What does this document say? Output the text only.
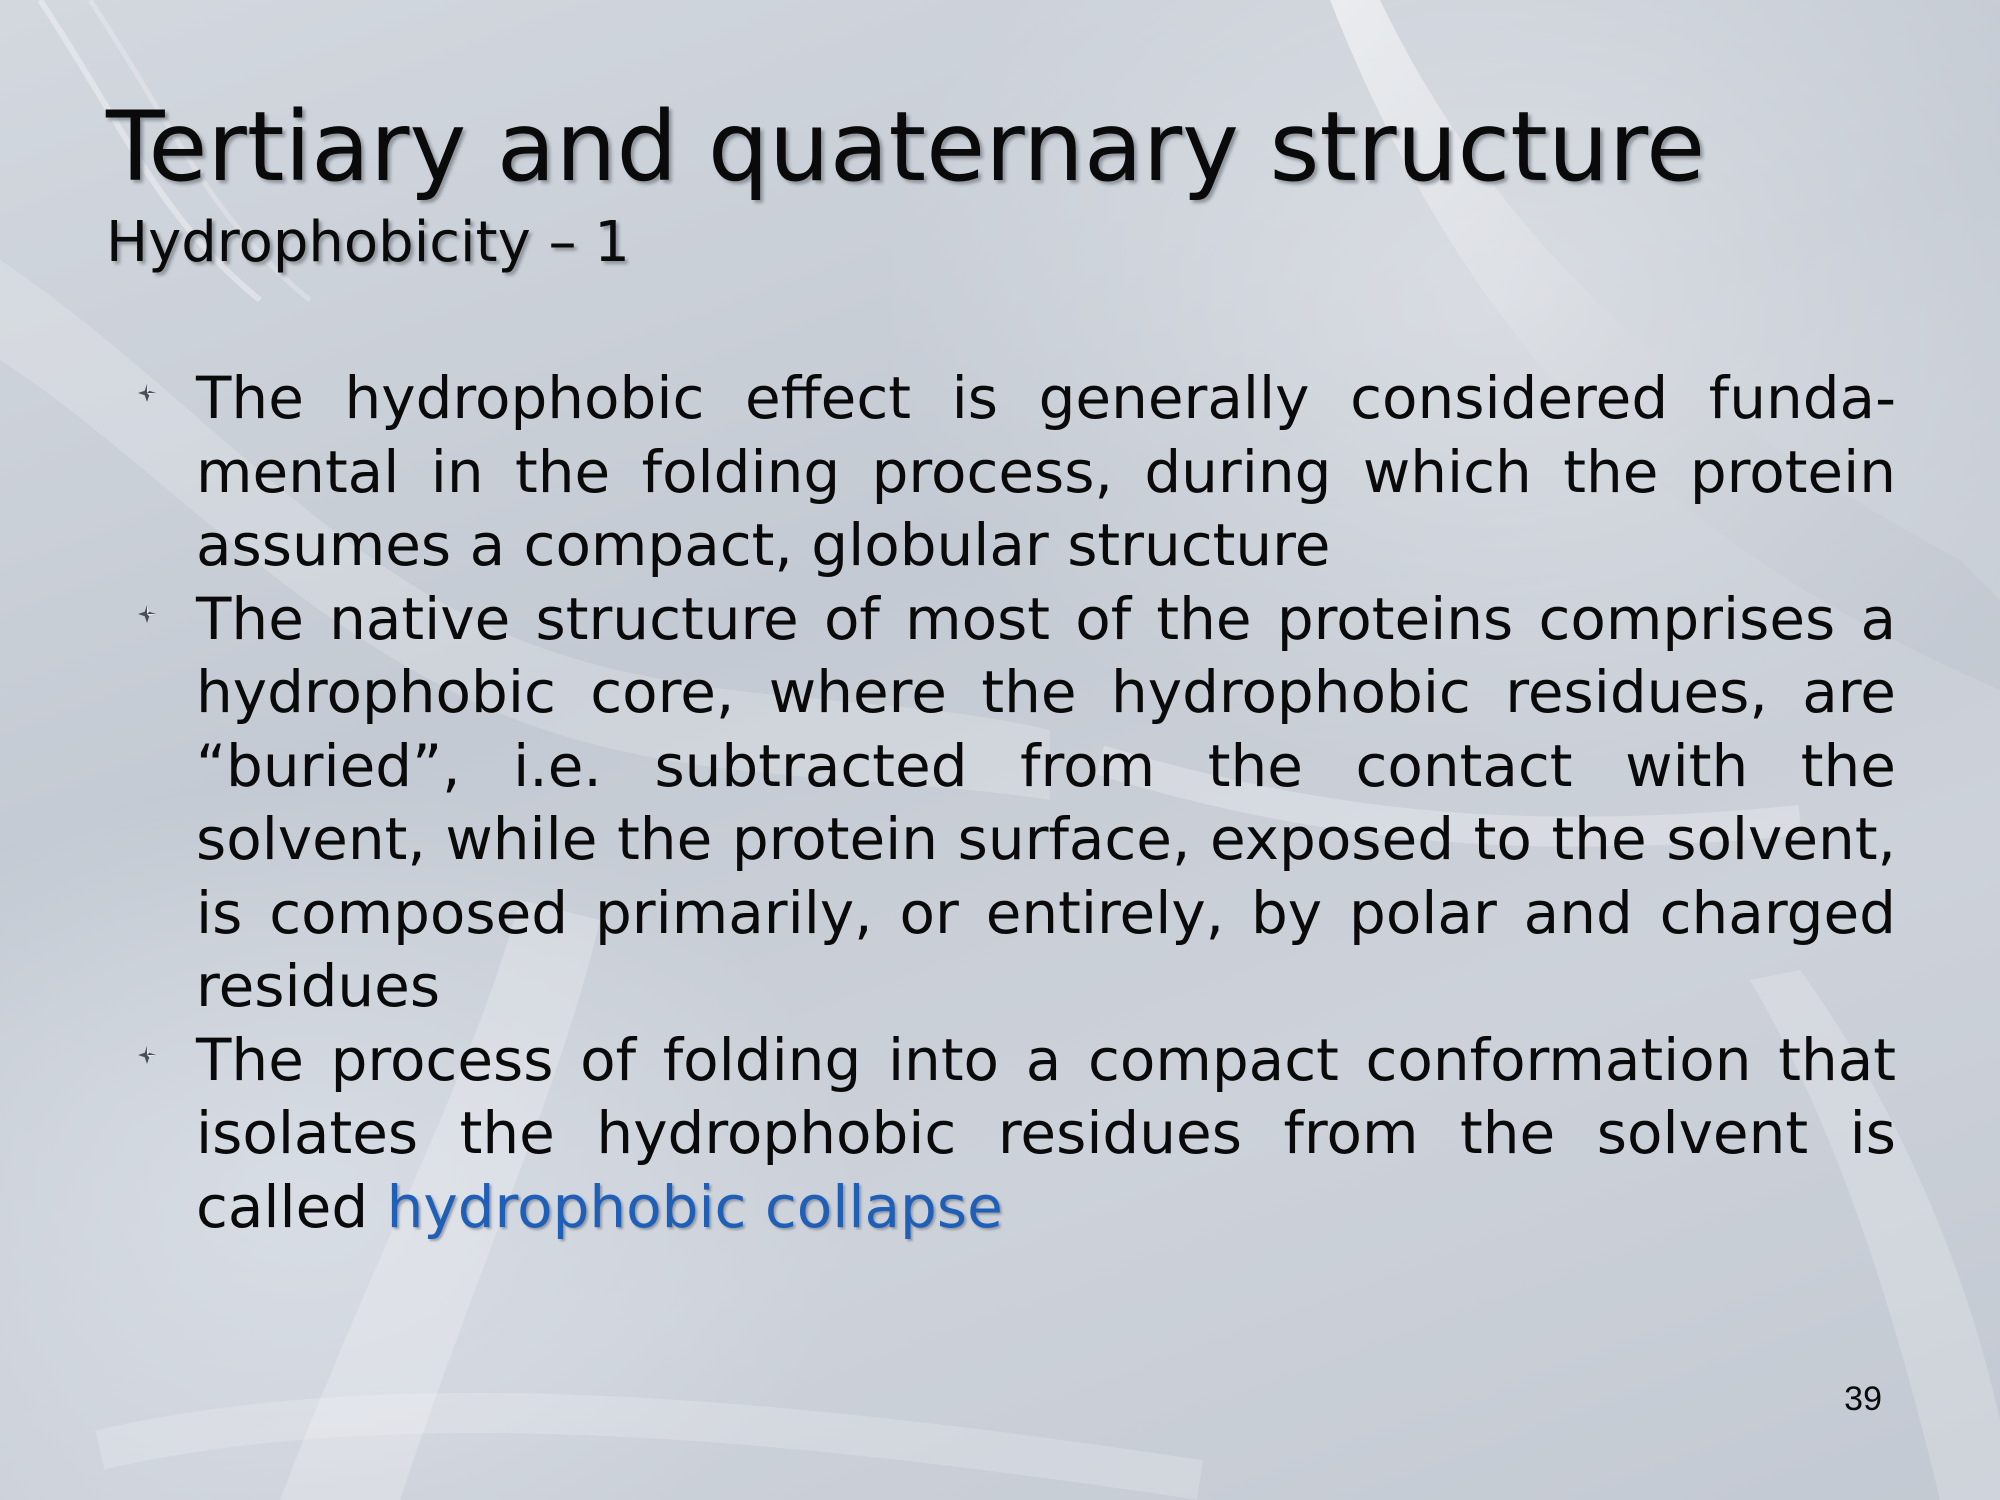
Tertiary and quaternary structure
Hydrophobicity – 1
The hydrophobic effect is generally considered funda-mental in the folding process, during which the protein assumes a compact, globular structure
The native structure of most of the proteins comprises a hydrophobic core, where the hydrophobic residues, are “buried”, i.e. subtracted from the contact with the solvent, while the protein surface, exposed to the solvent, is composed primarily, or entirely, by polar and charged residues
The process of folding into a compact conformation that isolates the hydrophobic residues from the solvent is called hydrophobic collapse
39
